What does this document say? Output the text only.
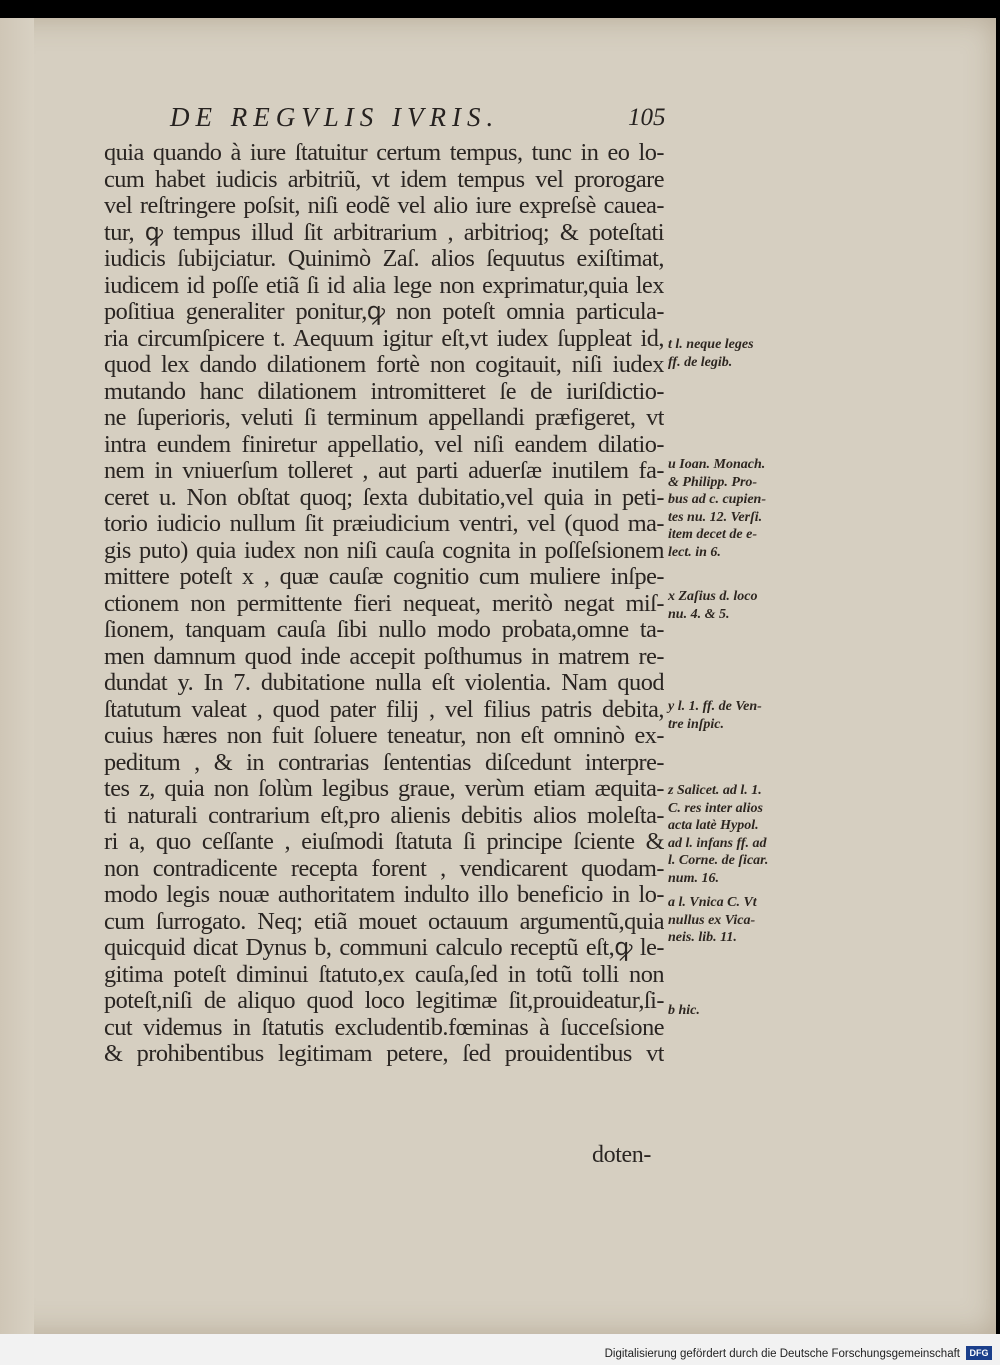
DE REGVLIS IVRIS.	105
quia quando à iure ſtatuitur certum tempus, tunc in eo lo-
cum habet iudicis arbitriũ, vt idem tempus vel prorogare
vel reſtringere poſsit, niſi eodẽ vel alio iure expreſsè cauea-
tur, ꝙ tempus illud ſit arbitrarium , arbitrioq; & poteſtati
iudicis ſubijciatur. Quinimò Zaſ. alios ſequutus exiſtimat,
iudicem id poſſe etiã ſi id alia lege non exprimatur,quia lex
poſitiua generaliter ponitur,ꝙ non poteſt omnia particula-
ria circumſpicere t. Aequum igitur eſt,vt iudex ſuppleat id,
quod lex dando dilationem fortè non cogitauit, niſi iudex
mutando hanc dilationem intromitteret ſe de iuriſdictio-
ne ſuperioris, veluti ſi terminum appellandi præfigeret, vt
intra eundem finiretur appellatio, vel niſi eandem dilatio-
nem in vniuerſum tolleret , aut parti aduerſæ inutilem fa-
ceret u. Non obſtat quoq; ſexta dubitatio,vel quia in peti-
torio iudicio nullum ſit præiudicium ventri, vel (quod ma-
gis puto) quia iudex non niſi cauſa cognita in poſſeſsionem
mittere poteſt x , quæ cauſæ cognitio cum muliere inſpe-
ctionem non permittente fieri nequeat, meritò negat miſ-
ſionem, tanquam cauſa ſibi nullo modo probata,omne ta-
men damnum quod inde accepit poſthumus in matrem re-
dundat y. In 7. dubitatione nulla eſt violentia. Nam quod
ſtatutum valeat , quod pater filij , vel filius patris debita,
cuius hæres non fuit ſoluere teneatur, non eſt omninò ex-
peditum , & in contrarias ſententias diſcedunt interpre-
tes z, quia non ſolùm legibus graue, verùm etiam æquita-
ti naturali contrarium eſt,pro alienis debitis alios moleſta-
ri a, quo ceſſante , eiuſmodi ſtatuta ſi principe ſciente &
non contradicente recepta forent , vendicarent quodam-
modo legis nouæ authoritatem indulto illo beneficio in lo-
cum ſurrogato. Neq; etiã mouet octauum argumentũ,quia
quicquid dicat Dynus b, communi calculo receptũ eſt,ꝙ le-
gitima poteſt diminui ſtatuto,ex cauſa,ſed in totũ tolli non
poteſt,niſi de aliquo quod loco legitimæ ſit,prouideatur,ſi-
cut videmus in ſtatutis excludentib.fœminas à ſucceſsione
& prohibentibus legitimam petere, ſed prouidentibus vt
doten-
t l. neque leges
ff. de legib.
u Ioan. Monach.
& Philipp. Pro-
bus ad c. cupien-
tes nu. 12. Verſi.
item decet de e-
lect. in 6.
x Zaſius d. loco
nu. 4. & 5.
y l. 1. ff. de Ven-
tre inſpic.
z Salicet. ad l. 1.
C. res inter alios
acta latè Hypol.
ad l. infans ff. ad
l. Corne. de ſicar.
num. 16.
a l. Vnica C. Vt
nullus ex Vica-
neis. lib. 11.
b hic.
Digitalisierung gefördert durch die Deutsche Forschungsgemeinschaft	DFG
